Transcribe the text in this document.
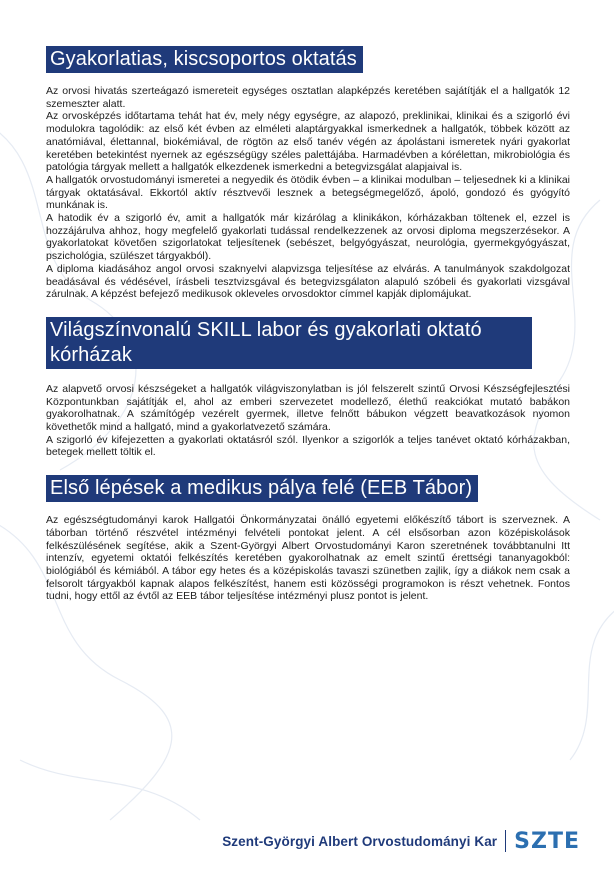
Gyakorlatias, kiscsoportos oktatás

Az orvosi hivatás szerteágazó ismereteit egységes osztatlan alapképzés keretében sajátítják el a hallgatók 12 szemeszter alatt.

Az orvosképzés időtartama tehát hat év, mely négy egységre, az alapozó, preklinikai, klinikai és a szigorló évi modulokra tagolódik: az első két évben az elméleti alaptárgyakkal ismerkednek a hallgatók, többek között az anatómiával, élettannal, biokémiával, de rögtön az első tanév végén az ápolástani ismeretek nyári gyakorlat keretében betekintést nyernek az egészségügy széles palettájába. Harmadévben a kórélettan, mikrobiológia és patológia tárgyak mellett a hallgatók elkezdenek ismerkedni a betegvizsgálat alapjaival is.

A hallgatók orvostudományi ismeretei a negyedik és ötödik évben – a klinikai modulban – teljesednek ki a klinikai tárgyak oktatásával. Ekkortól aktív résztvevői lesznek a betegségmegelőző, ápoló, gondozó és gyógyító munkának is.

A hatodik év a szigorló év, amit a hallgatók már kizárólag a klinikákon, kórházakban töltenek el, ezzel is hozzájárulva ahhoz, hogy megfelelő gyakorlati tudással rendelkezzenek az orvosi diploma megszerzésekor. A gyakorlatokat követően szigorlatokat teljesítenek (sebészet, belgyógyászat, neurológia, gyermekgyógyászat, pszichológia, szülészet tárgyakból).

A diploma kiadásához angol orvosi szaknyelvi alapvizsga teljesítése az elvárás. A tanulmányok szakdolgozat beadásával és védésével, írásbeli tesztvizsgával és betegvizsgálaton alapuló szóbeli és gyakorlati vizsgával zárulnak. A képzést befejező medikusok okleveles orvosdoktor címmel kapják diplomájukat.

Világszínvonalú SKILL labor és gyakorlati oktató kórházak

Az alapvető orvosi készségeket a hallgatók világviszonylatban is jól felszerelt szintű Orvosi Készségfejlesztési Központunkban sajátítják el, ahol az emberi szervezetet modellező, élethű reakciókat mutató babákon gyakorolhatnak. A számítógép vezérelt gyermek, illetve felnőtt bábukon végzett beavatkozások nyomon követhetők mind a hallgató, mind a gyakorlatvezető számára.

A szigorló év kifejezetten a gyakorlati oktatásról szól. Ilyenkor a szigorlók a teljes tanévet oktató kórházakban, betegek mellett töltik el.

Első lépések a medikus pálya felé (EEB Tábor)

Az egészségtudományi karok Hallgatói Önkormányzatai önálló egyetemi előkészítő tábort is szerveznek. A táborban történő részvétel intézményi felvételi pontokat jelent. A cél elsősorban azon középiskolások felkészülésének segítése, akik a Szent-Györgyi Albert Orvostudományi Karon szeretnének továbbtanulni Itt intenzív, egyetemi oktatói felkészítés keretében gyakorolhatnak az emelt szintű érettségi tananyagokból: biológiából és kémiából. A tábor egy hetes és a középiskolás tavaszi szünetben zajlik, így a diákok nem csak a felsorolt tárgyakból kapnak alapos felkészítést, hanem esti közösségi programokon is részt vehetnek. Fontos tudni, hogy ettől az évtől az EEB tábor teljesítése intézményi plusz pontot is jelent.

Szent-Györgyi Albert Orvostudományi Kar SZTE
